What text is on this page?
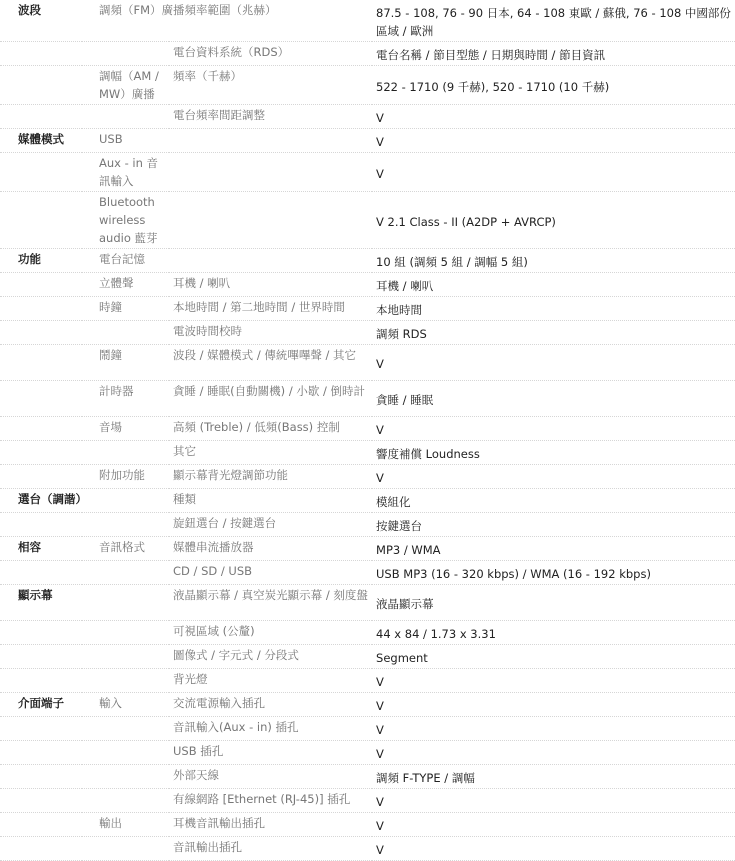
波段	調頻（FM）廣播頻率範圍（兆赫）		87.5 - 108, 76 - 90 日本, 64 - 108 東歐 / 蘇俄, 76 - 108 中國部份區域 / 歐洲
		電台資料系統（RDS）	電台名稱 / 節目型態 / 日期與時間 / 節目資訊
	調幅（AM / MW）廣播	頻率（千赫）	522 - 1710 (9 千赫), 520 - 1710 (10 千赫)
		電台頻率間距調整	V
媒體模式	USB		V
	Aux - in 音訊輸入		V
	Bluetooth wireless audio 藍芽		V 2.1 Class - II (A2DP + AVRCP)
功能	電台記憶		10 組 (調頻 5 組 / 調幅 5 組)
	立體聲	耳機 / 喇叭	耳機 / 喇叭
	時鐘	本地時間 / 第二地時間 / 世界時間	本地時間
		電波時間校時	調頻 RDS
	鬧鐘	波段 / 媒體模式 / 傳統嗶嗶聲 / 其它	V
	計時器	貪睡 / 睡眠(自動關機) / 小歇 / 倒時計	貪睡 / 睡眠
	音場	高頻 (Treble) / 低頻(Bass) 控制	V
		其它	響度補償 Loudness
	附加功能	顯示幕背光燈調節功能	V
選台（調諧）		種類	模組化
		旋鈕選台 / 按鍵選台	按鍵選台
相容	音訊格式	媒體串流播放器	MP3 / WMA
		CD / SD / USB	USB MP3 (16 - 320 kbps) / WMA (16 - 192 kbps)
顯示幕		液晶顯示幕 / 真空炭光顯示幕 / 刻度盤	液晶顯示幕
		可視區域 (公釐)	44 x 84 / 1.73 x 3.31
		圖像式 / 字元式 / 分段式	Segment
		背光燈	V
介面端子	輸入	交流電源輸入插孔	V
		音訊輸入(Aux - in) 插孔	V
		USB 插孔	V
		外部天線	調頻 F-TYPE / 調幅
		有線網路 [Ethernet (RJ-45)] 插孔	V
	輸出	耳機音訊輸出插孔	V
		音訊輸出插孔	V
